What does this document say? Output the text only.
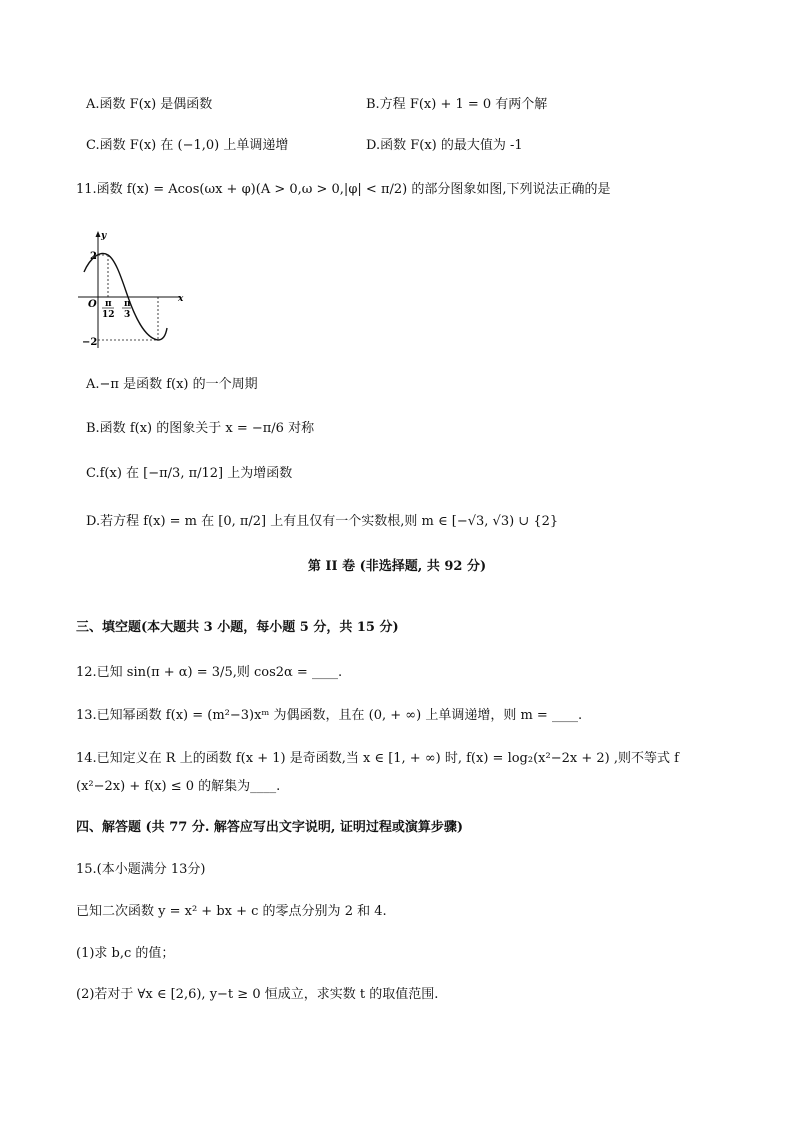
A.函数 F(x) 是偶函数	B.方程 F(x) + 1 = 0 有两个解
C.函数 F(x) 在 (−1,0) 上单调递增	D.函数 F(x) 的最大值为 -1
11.函数 f(x) = Acos(ωx + φ)(A > 0,ω > 0,|φ| < π/2) 的部分图象如图,下列说法正确的是
y
x
O
2
−2
π
12
π
3
A.−π 是函数 f(x) 的一个周期
B.函数 f(x) 的图象关于 x = −π/6 对称
C.f(x) 在 [−π/3, π/12] 上为增函数
D.若方程 f(x) = m 在 [0, π/2] 上有且仅有一个实数根,则 m ∈ [−√3, √3) ∪ {2}
第 II 卷 (非选择题, 共 92 分)
三、填空题(本大题共 3 小题，每小题 5 分，共 15 分)
12.已知 sin(π + α) = 3/5,则 cos2α = ____.
13.已知幂函数 f(x) = (m²−3)xᵐ 为偶函数，且在 (0, + ∞) 上单调递增，则 m = ____.
14.已知定义在 R 上的函数 f(x + 1) 是奇函数,当 x ∈ [1, + ∞) 时, f(x) = log₂(x²−2x + 2) ,则不等式 f
(x²−2x) + f(x) ≤ 0 的解集为____.
四、解答题 (共 77 分. 解答应写出文字说明, 证明过程或演算步骤)
15.(本小题满分 13分)
已知二次函数 y = x² + bx + c 的零点分别为 2 和 4.
(1)求 b,c 的值；
(2)若对于 ∀x ∈ [2,6), y−t ≥ 0 恒成立，求实数 t 的取值范围.
